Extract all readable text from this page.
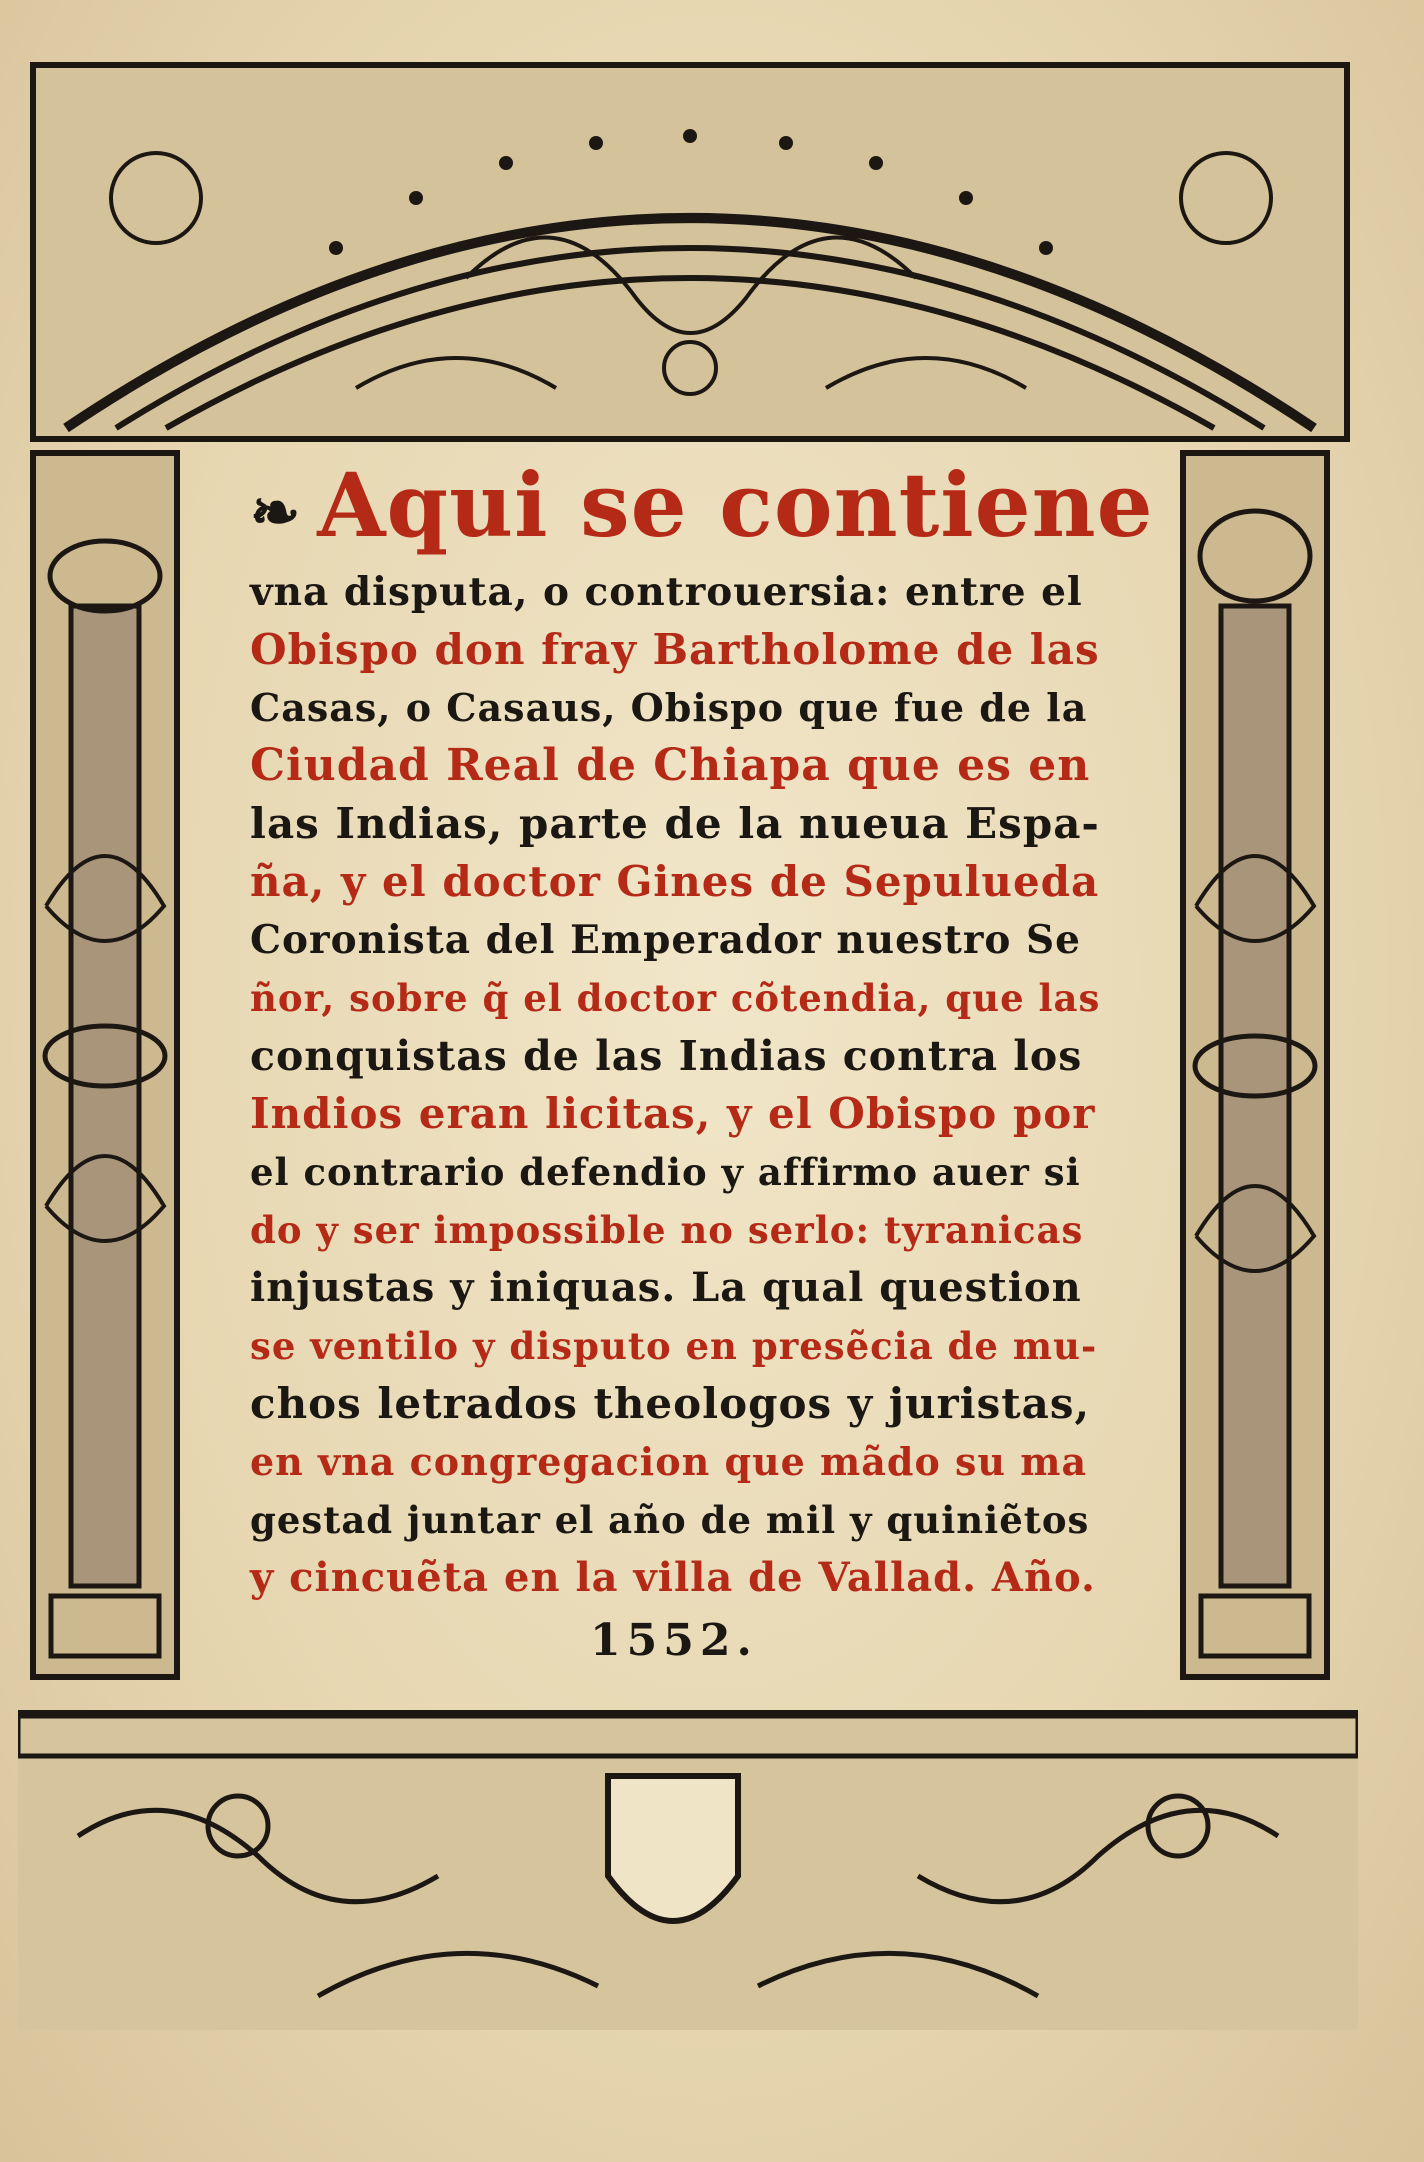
❧ Aqui se contiene
vna disputa, o controuersia: entre el
Obispo don fray Bartholome de las
Casas, o Casaus, Obispo que fue de la
Ciudad Real de Chiapa que es en
las Indias, parte de la nueua Espa-
ña, y el doctor Gines de Sepulueda
Coronista del Emperador nuestro Se
ñor, sobre q̃ el doctor cõtendia, que las
conquistas de las Indias contra los
Indios eran licitas, y el Obispo por
el contrario defendio y affirmo auer si
do y ser impossible no serlo: tyranicas
injustas y iniquas. La qual question
se ventilo y disputo en presẽcia de mu-
chos letrados theologos y juristas,
en vna congregacion que mãdo su ma
gestad juntar el año de mil y quiniẽtos
y cincuẽta en la villa de Vallad. Año.
1552.
